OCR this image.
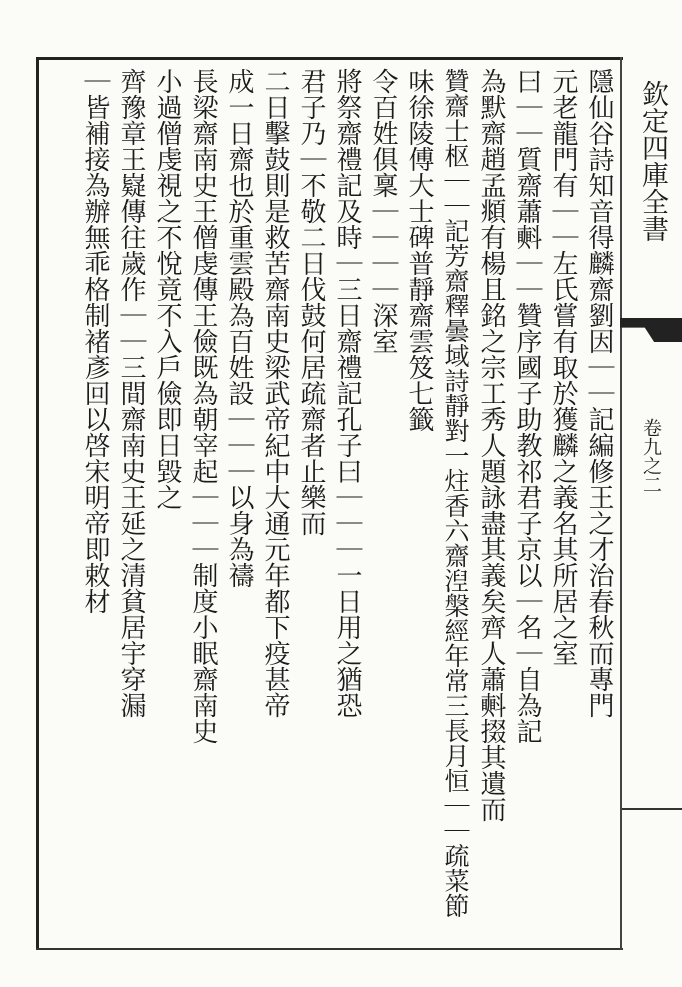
欽定四庫全書
卷九之二
隱仙谷詩知音得麟齋劉因｜｜記編修王之才治春秋而專門
元老龍門有｜｜左氏嘗有取於獲麟之義名其所居之室
曰｜｜質齋蕭㪺｜｜贊序國子助教祁君子京以｜名｜自為記
為默齋趙孟頫有楊且銘之宗工秀人題詠盡其義矣齊人蕭㪺掇其遺而
贊齋士枢｜｜記芳齋釋曇域詩靜對一炷香六齋湼槃經年常三長月恒｜｜疏菜節
味徐陵傅大士碑普靜齋雲笈七籤
令百姓俱稟｜｜｜｜深室
將祭齋禮記及時｜三日齋禮記孔子曰｜｜｜一日用之猶恐
君子乃｜不敬二日伐鼓何居疏齋者止樂而
二日擊鼓則是救苦齋南史梁武帝紀中大通元年都下疫甚帝
成一日齋也於重雲殿為百姓設｜｜｜以身為禱
長梁齋南史王僧虔傳王儉既為朝宰起｜｜｜制度小眠齋南史
小過僧虔視之不悅竟不入戶儉即日毀之
齊豫章王嶷傳往歲作｜｜三間齋南史王延之清貧居宇穿漏
｜皆補接為辦無乖格制褚彥回以啓宋明帝即敕材
